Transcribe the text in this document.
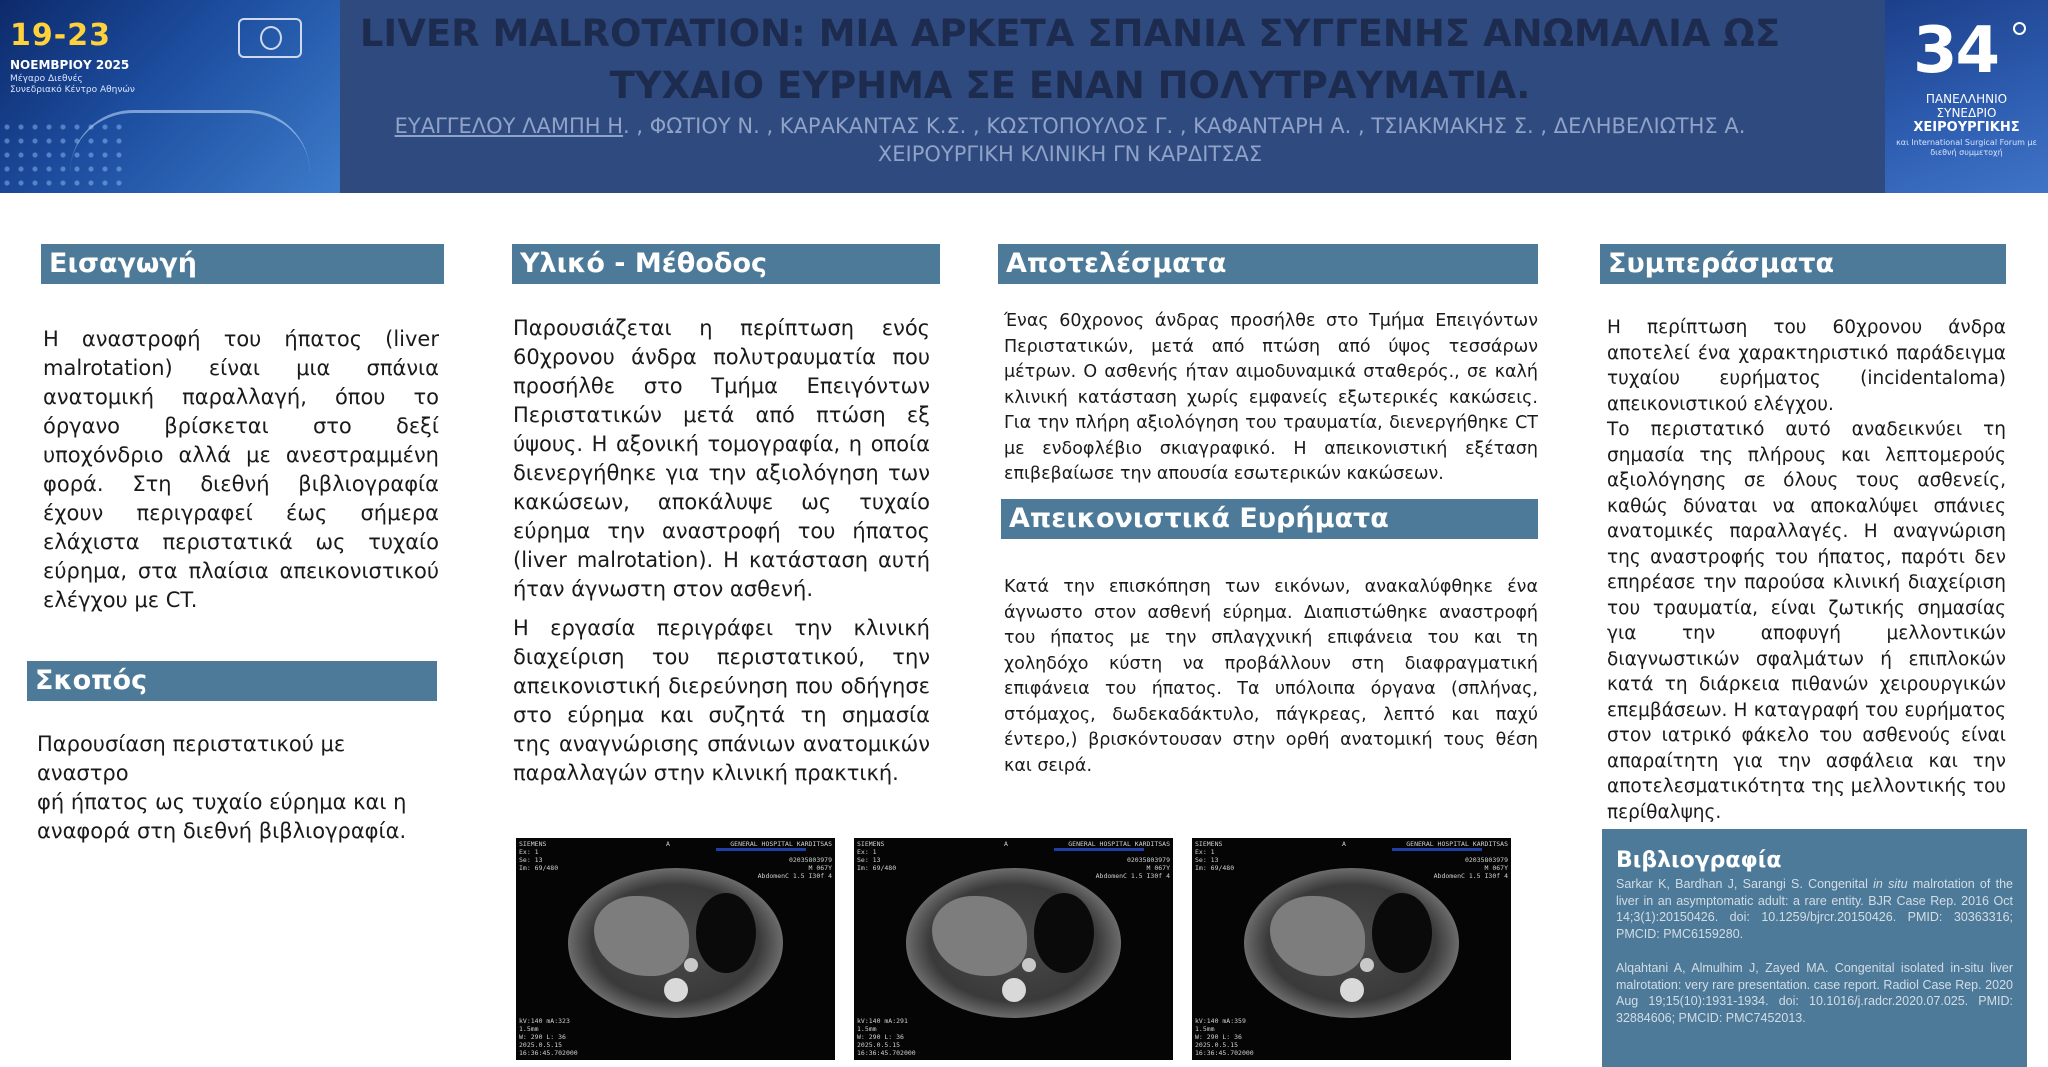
19-23
ΝΟΕΜΒΡΙΟΥ 2025
Μέγαρο Διεθνές
Συνεδριακό Κέντρο Αθηνών
LIVER MALROTATION: ΜΙΑ ΑΡΚΕΤΑ ΣΠΑΝΙΑ ΣΥΓΓΕΝΗΣ ΑΝΩΜΑΛΙΑ ΩΣ
ΤΥΧΑΙΟ ΕΥΡΗΜΑ ΣΕ ΕΝΑΝ ΠΟΛΥΤΡΑΥΜΑΤΙΑ.
ΕΥΑΓΓΕΛΟΥ ΛΑΜΠΗ Η. , ΦΩΤΙΟΥ Ν. , ΚΑΡΑΚΑΝΤΑΣ Κ.Σ. , ΚΩΣΤΟΠΟΥΛΟΣ Γ. , ΚΑΦΑΝΤΑΡΗ Α. , ΤΣΙΑΚΜΑΚΗΣ Σ. , ΔΕΛΗΒΕΛΙΩΤΗΣ Α.
ΧΕΙΡΟΥΡΓΙΚΗ ΚΛΙΝΙΚΗ ΓΝ ΚΑΡΔΙΤΣΑΣ
34
ΠΑΝΕΛΛΗΝΙΟ
ΣΥΝΕΔΡΙΟ
ΧΕΙΡΟΥΡΓΙΚΗΣ
και International Surgical Forum με διεθνή συμμετοχή
Εισαγωγή
Η αναστροφή του ήπατος (liver malrotation) είναι μια σπάνια ανατομική παραλλαγή, όπου το όργανο βρίσκεται στο δεξί υποχόνδριο αλλά με ανεστραμμένη φορά. Στη διεθνή βιβλιογραφία έχουν περιγραφεί έως σήμερα ελάχιστα περιστατικά ως τυχαίο εύρημα, στα πλαίσια απεικονιστικού ελέγχου με CT.
Σκοπός
Παρουσίαση περιστατικού με αναστρο
φή ήπατος ως τυχαίο εύρημα και η
αναφορά στη διεθνή βιβλιογραφία.
Υλικό - Μέθοδος
Παρουσιάζεται η περίπτωση ενός 60χρονου άνδρα πολυτραυματία που προσήλθε στο Τμήμα Επειγόντων Περιστατικών μετά από πτώση εξ ύψους. Η αξονική τομογραφία, η οποία διενεργήθηκε για την αξιολόγηση των κακώσεων, αποκάλυψε ως τυχαίο εύρημα την αναστροφή του ήπατος (liver malrotation). Η κατάσταση αυτή ήταν άγνωστη στον ασθενή.
Η εργασία περιγράφει την κλινική διαχείριση του περιστατικού, την απεικονιστική διερεύνηση που οδήγησε στο εύρημα και συζητά τη σημασία της αναγνώρισης σπάνιων ανατομικών παραλλαγών στην κλινική πρακτική.
Αποτελέσματα
Ένας 60χρονος άνδρας προσήλθε στο Τμήμα Επειγόντων Περιστατικών, μετά από πτώση από ύψος τεσσάρων μέτρων. Ο ασθενής ήταν αιμοδυναμικά σταθερός., σε καλή κλινική κατάσταση χωρίς εμφανείς εξωτερικές κακώσεις. Για την πλήρη αξιολόγηση του τραυματία, διενεργήθηκε CT με ενδοφλέβιο σκιαγραφικό. Η απεικονιστική εξέταση επιβεβαίωσε την απουσία εσωτερικών κακώσεων.
Απεικονιστικά Ευρήματα
Κατά την επισκόπηση των εικόνων, ανακαλύφθηκε ένα άγνωστο στον ασθενή εύρημα. Διαπιστώθηκε αναστροφή του ήπατος με την σπλαγχνική επιφάνεια του και τη χοληδόχο κύστη να προβάλλουν στη διαφραγματική επιφάνεια του ήπατος. Τα υπόλοιπα όργανα (σπλήνας, στόμαχος, δωδεκαδάκτυλο, πάγκρεας, λεπτό και παχύ έντερο,) βρισκόντουσαν στην ορθή ανατομική τους θέση και σειρά.
Συμπεράσματα
Η περίπτωση του 60χρονου άνδρα αποτελεί ένα χαρακτηριστικό παράδειγμα τυχαίου ευρήματος (incidentaloma) απεικονιστικού ελέγχου.
Το περιστατικό αυτό αναδεικνύει τη σημασία της πλήρους και λεπτομερούς αξιολόγησης σε όλους τους ασθενείς, καθώς δύναται να αποκαλύψει σπάνιες ανατομικές παραλλαγές. Η αναγνώριση της αναστροφής του ήπατος, παρότι δεν επηρέασε την παρούσα κλινική διαχείριση του τραυματία, είναι ζωτικής σημασίας για την αποφυγή μελλοντικών διαγνωστικών σφαλμάτων ή επιπλοκών κατά τη διάρκεια πιθανών χειρουργικών επεμβάσεων. Η καταγραφή του ευρήματος στον ιατρικό φάκελο του ασθενούς είναι απαραίτητη για την ασφάλεια και την αποτελεσματικότητα της μελλοντικής του περίθαλψης.
Βιβλιογραφία
Sarkar K, Bardhan J, Sarangi S. Congenital in situ malrotation of the liver in an asymptomatic adult: a rare entity. BJR Case Rep. 2016 Oct 14;3(1):20150426. doi: 10.1259/bjrcr.20150426. PMID: 30363316; PMCID: PMC6159280.
Alqahtani A, Almulhim J, Zayed MA. Congenital isolated in-situ liver malrotation: very rare presentation. case report. Radiol Case Rep. 2020 Aug 19;15(10):1931-1934. doi: 10.1016/j.radcr.2020.07.025. PMID: 32884606; PMCID: PMC7452013.
SIEMENS
Ex: 1
Se: 13
Im: 69/480
A	GENERAL HOSPITAL KARDITSAS
02035803979
M 067Y
AbdomenC 1.5 I30f 4
kV:140 mA:323
1.5mm
W: 290 L: 36
2025.0.5.15
16:36:45.702000
SIEMENS
Ex: 1
Se: 13
Im: 69/480
A	GENERAL HOSPITAL KARDITSAS
02035803979
M 067Y
AbdomenC 1.5 I30f 4
kV:140 mA:291
1.5mm
W: 290 L: 36
2025.0.5.15
16:36:45.702000
SIEMENS
Ex: 1
Se: 13
Im: 69/480
A	GENERAL HOSPITAL KARDITSAS
02035803979
M 067Y
AbdomenC 1.5 I30f 4
kV:140 mA:359
1.5mm
W: 290 L: 36
2025.0.5.15
16:36:45.702000
